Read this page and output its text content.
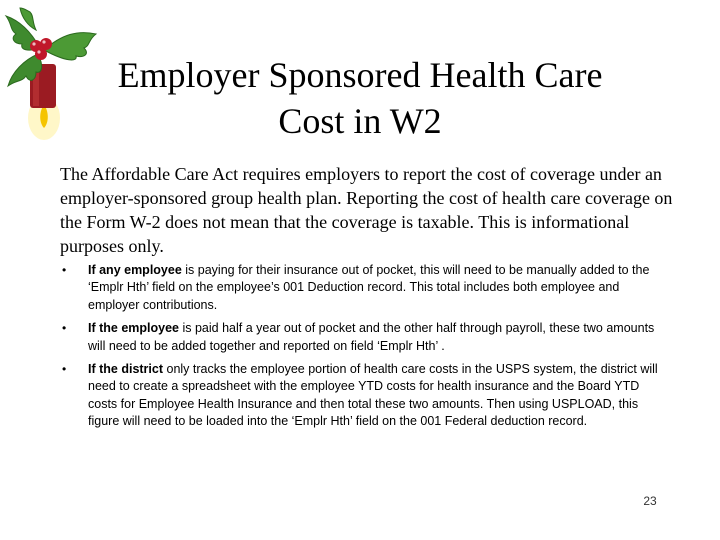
Employer Sponsored Health Care
Cost in W2
The Affordable Care Act requires employers to report the cost of coverage under an employer-sponsored group health plan. Reporting the cost of health care coverage on the Form W-2 does not mean that the coverage is taxable. This is informational purposes only.
• If any employee is paying for their insurance out of pocket, this will need to be manually added to the ‘Emplr Hth’ field on the employee’s 001 Deduction record. This total includes both employee and employer contributions.
• If the employee is paid half a year out of pocket and the other half through payroll, these two amounts will need to be added together and reported on field ‘Emplr Hth’ .
• If the district only tracks the employee portion of health care costs in the USPS system, the district will need to create a spreadsheet with the employee YTD costs for health insurance and the Board YTD costs for Employee Health Insurance and then total these two amounts. Then using USPLOAD, this figure will need to be loaded into the ‘Emplr Hth’ field on the 001 Federal deduction record.
23
